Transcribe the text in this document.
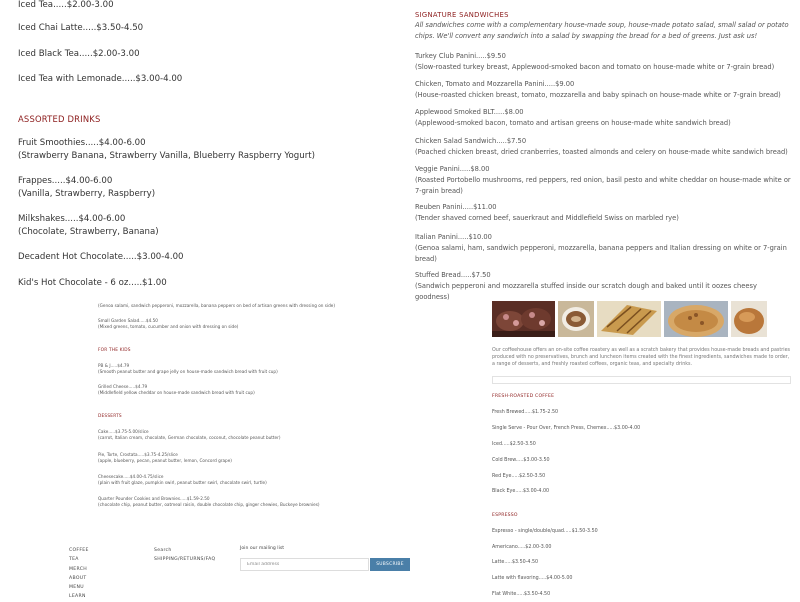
Iced Tea.....$2.00-3.00
Iced Chai Latte.....$3.50-4.50
Iced Black Tea.....$2.00-3.00
Iced Tea with Lemonade.....$3.00-4.00
ASSORTED DRINKS
Fruit Smoothies.....$4.00-6.00
(Strawberry Banana, Strawberry Vanilla, Blueberry Raspberry Yogurt)
Frappes.....$4.00-6.00
(Vanilla, Strawberry, Raspberry)
Milkshakes.....$4.00-6.00
(Chocolate, Strawberry, Banana)
Decadent Hot Chocolate.....$3.00-4.00
Kid's Hot Chocolate - 6 oz.....$1.00
SIGNATURE SANDWICHES
All sandwiches come with a complementary house-made soup, house-made potato salad, small salad or potato chips. We'll convert any sandwich into a salad by swapping the bread for a bed of greens. Just ask us!
Turkey Club Panini.....$9.50
(Slow-roasted turkey breast, Applewood-smoked bacon and tomato on house-made white or 7-grain bread)
Chicken, Tomato and Mozzarella Panini.....$9.00
(House-roasted chicken breast, tomato, mozzarella and baby spinach on house-made white or 7-grain bread)
Applewood Smoked BLT.....$8.00
(Applewood-smoked bacon, tomato and artisan greens on house-made white sandwich bread)
Chicken Salad Sandwich.....$7.50
(Poached chicken breast, dried cranberries, toasted almonds and celery on house-made white sandwich bread)
Veggie Panini.....$8.00
(Roasted Portobello mushrooms, red peppers, red onion, basil pesto and white cheddar on house-made white or 7-grain bread)
Reuben Panini.....$11.00
(Tender shaved corned beef, sauerkraut and Middlefield Swiss on marbled rye)
Italian Panini.....$10.00
(Genoa salami, ham, sandwich pepperoni, mozzarella, banana peppers and Italian dressing on white or 7-grain bread)
Stuffed Bread.....$7.50
(Sandwich pepperoni and mozzarella stuffed inside our scratch dough and baked until it oozes cheesy goodness)
(Genoa salami, sandwich pepperoni, mozzarella, banana peppers on bed of artisan greens with dressing on side)
Small Garden Salad.....$4.50
(Mixed greens, tomato, cucumber and onion with dressing on side)
FOR THE KIDS
PB & J.....$4.79
(Smooth peanut butter and grape jelly on house-made sandwich bread with fruit cup)
Grilled Cheese.....$4.79
(Middlefield yellow cheddar on house-made sandwich bread with fruit cup)
DESSERTS
Cake.....$3.75-5.00/slice
(carrot, Italian cream, chocolate, German chocolate, coconut, chocolate peanut butter)
Pie, Torte, Crostata.....$3.75-4.25/slice
(apple, blueberry, pecan, peanut butter, lemon, Concord grape)
Cheesecake.....$4.00-4.75/slice
(plain with fruit glaze, pumpkin swirl, peanut butter swirl, chocolate swirl, turtle)
Quarter Pounder Cookies and Brownies.....$1.59-2.50
(chocolate chip, peanut butter, oatmeal raisin, double chocolate chip, ginger chewies, Buckeye brownies)
Our coffeehouse offers an on-site coffee roastery as well as a scratch bakery that provides house-made breads and pastries produced with no preservatives, brunch and luncheon items created with the finest ingredients, sandwiches made to order, a range of desserts, and freshly roasted coffees, organic teas, and specialty drinks.
FRESH-ROASTED COFFEE
Fresh Brewed.....$1.75-2.50
Single Serve - Pour Over, French Press, Chemex.....$3.00-4.00
Iced.....$2.50-3.50
Cold Brew.....$3.00-3.50
Red Eye.....$2.50-3.50
Black Eye.....$3.00-4.00
ESPRESSO
Espresso - single/double/quad.....$1.50-3.50
Americano.....$2.00-3.00
Latte.....$3.50-4.50
Latte with flavoring.....$4.00-5.00
Flat White.....$3.50-4.50
COFFEE
TEA
MERCH
ABOUT
MENU
LEARN
Search
SHIPPING/RETURNS/FAQ
Join our mailing list
Email address
SUBSCRIBE
